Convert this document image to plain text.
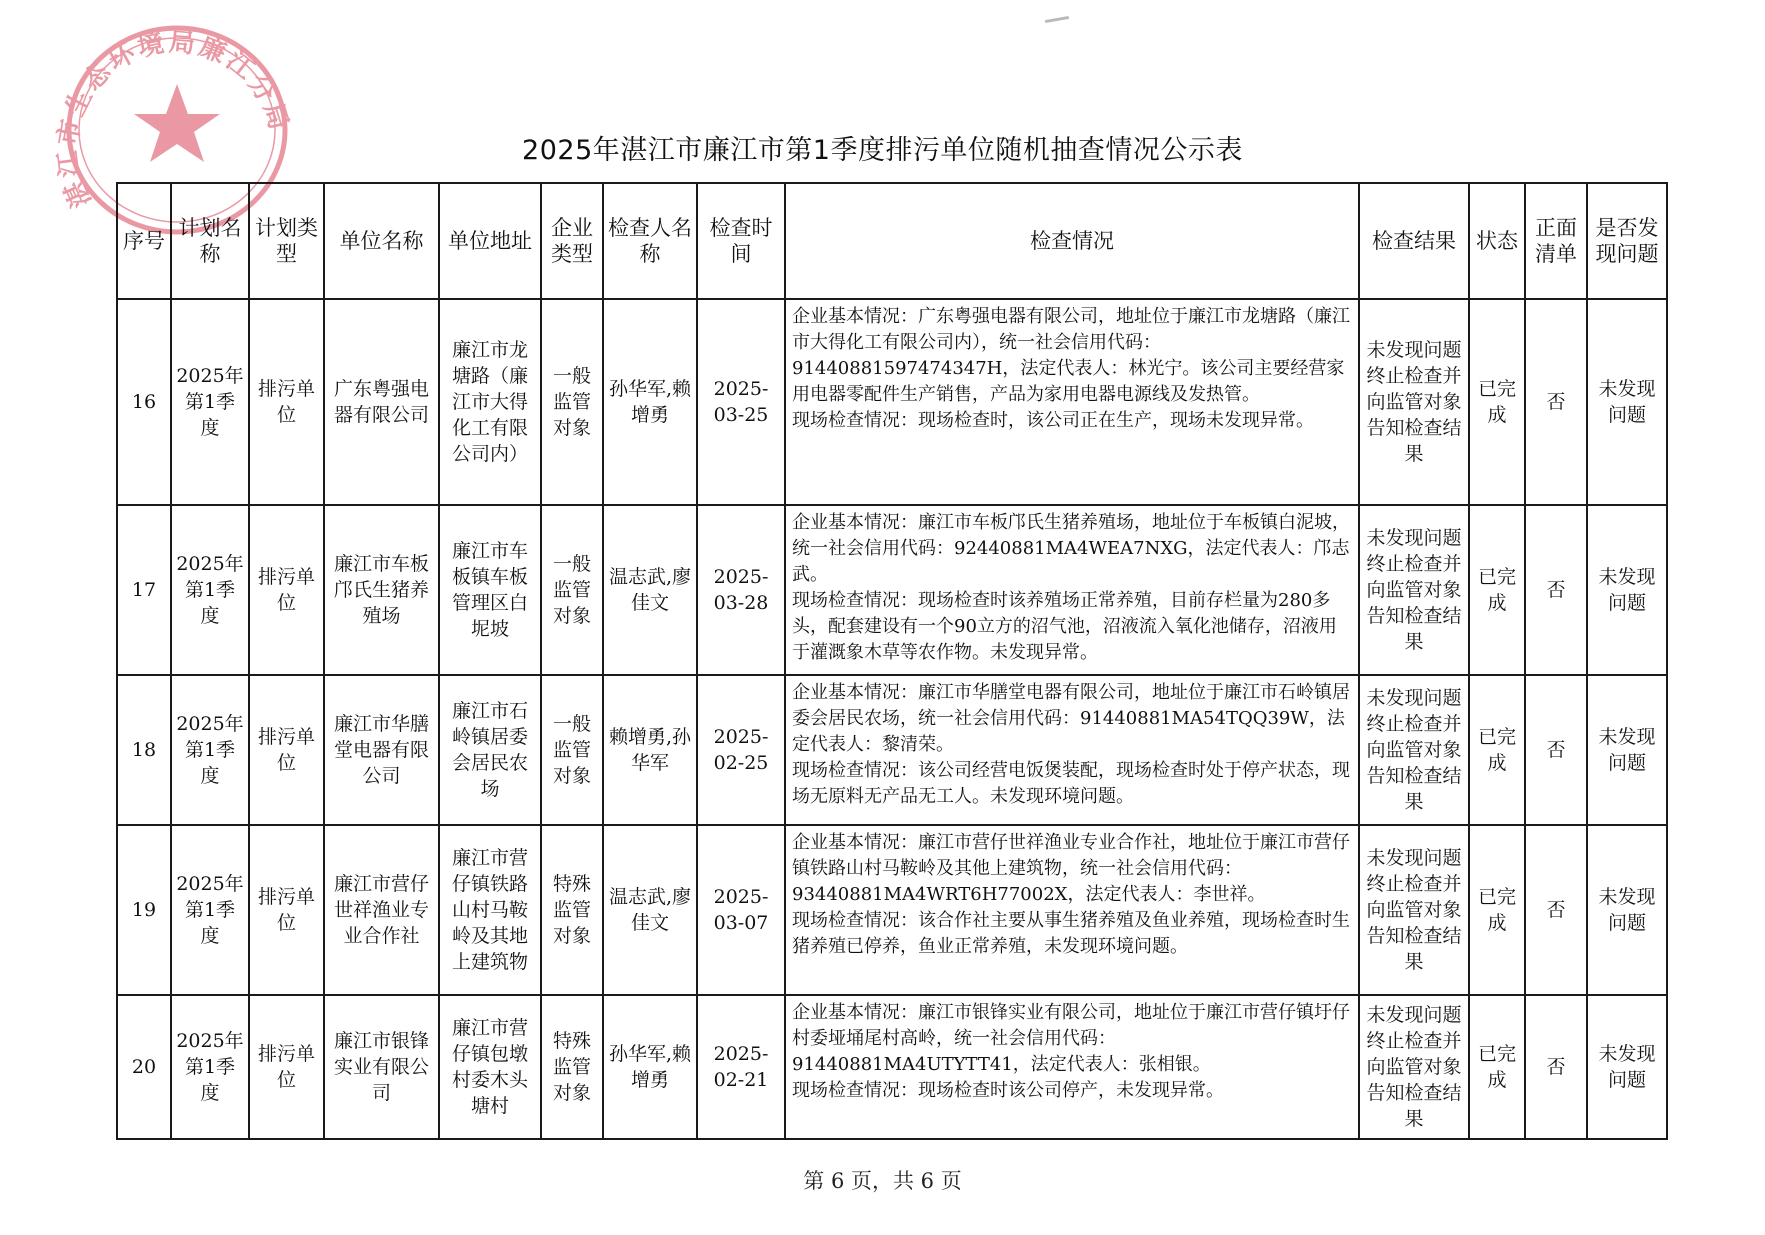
湛江市生态环境局廉江分局
2025年湛江市廉江市第1季度排污单位随机抽查情况公示表
序号	计划名称	计划类型	单位名称	单位地址	企业类型	检查人名称	检查时间	检查情况	检查结果	状态	正面清单	是否发现问题
16	2025年第1季度	排污单位	广东粤强电器有限公司	廉江市龙塘路（廉江市大得化工有限公司内）	一般监管对象	孙华军,赖增勇	2025-03-25	企业基本情况：广东粤强电器有限公司，地址位于廉江市龙塘路（廉江市大得化工有限公司内），统一社会信用代码：91440881597474347H，法定代表人：林光宁。该公司主要经营家用电器零配件生产销售，产品为家用电器电源线及发热管。

现场检查情况：现场检查时，该公司正在生产，现场未发现异常。	未发现问题终止检查并向监管对象告知检查结果	已完成	否	未发现问题
17	2025年第1季度	排污单位	廉江市车板邝氏生猪养殖场	廉江市车板镇车板管理区白坭坡	一般监管对象	温志武,廖佳文	2025-03-28	企业基本情况：廉江市车板邝氏生猪养殖场，地址位于车板镇白泥坡，统一社会信用代码：92440881MA4WEA7NXG，法定代表人：邝志武。

现场检查情况：现场检查时该养殖场正常养殖，目前存栏量为280多头，配套建设有一个90立方的沼气池，沼液流入氧化池储存，沼液用于灌溉象木草等农作物。未发现异常。	未发现问题终止检查并向监管对象告知检查结果	已完成	否	未发现问题
18	2025年第1季度	排污单位	廉江市华膳堂电器有限公司	廉江市石岭镇居委会居民农场	一般监管对象	赖增勇,孙华军	2025-02-25	企业基本情况：廉江市华膳堂电器有限公司，地址位于廉江市石岭镇居委会居民农场，统一社会信用代码：91440881MA54TQQ39W，法定代表人：黎清荣。

现场检查情况：该公司经营电饭煲装配，现场检查时处于停产状态，现场无原料无产品无工人。未发现环境问题。	未发现问题终止检查并向监管对象告知检查结果	已完成	否	未发现问题
19	2025年第1季度	排污单位	廉江市营仔世祥渔业专业合作社	廉江市营仔镇铁路山村马鞍岭及其地上建筑物	特殊监管对象	温志武,廖佳文	2025-03-07	企业基本情况：廉江市营仔世祥渔业专业合作社，地址位于廉江市营仔镇铁路山村马鞍岭及其他上建筑物，统一社会信用代码：93440881MA4WRT6H77002X，法定代表人：李世祥。

现场检查情况：该合作社主要从事生猪养殖及鱼业养殖，现场检查时生猪养殖已停养，鱼业正常养殖，未发现环境问题。	未发现问题终止检查并向监管对象告知检查结果	已完成	否	未发现问题
20	2025年第1季度	排污单位	廉江市银锋实业有限公司	廉江市营仔镇包墩村委木头塘村	特殊监管对象	孙华军,赖增勇	2025-02-21	企业基本情况：廉江市银锋实业有限公司，地址位于廉江市营仔镇圩仔村委垭埇尾村高岭，统一社会信用代码：91440881MA4UTYTT41，法定代表人：张相银。

现场检查情况：现场检查时该公司停产，未发现异常。	未发现问题终止检查并向监管对象告知检查结果	已完成	否	未发现问题
第 6 页，共 6 页
